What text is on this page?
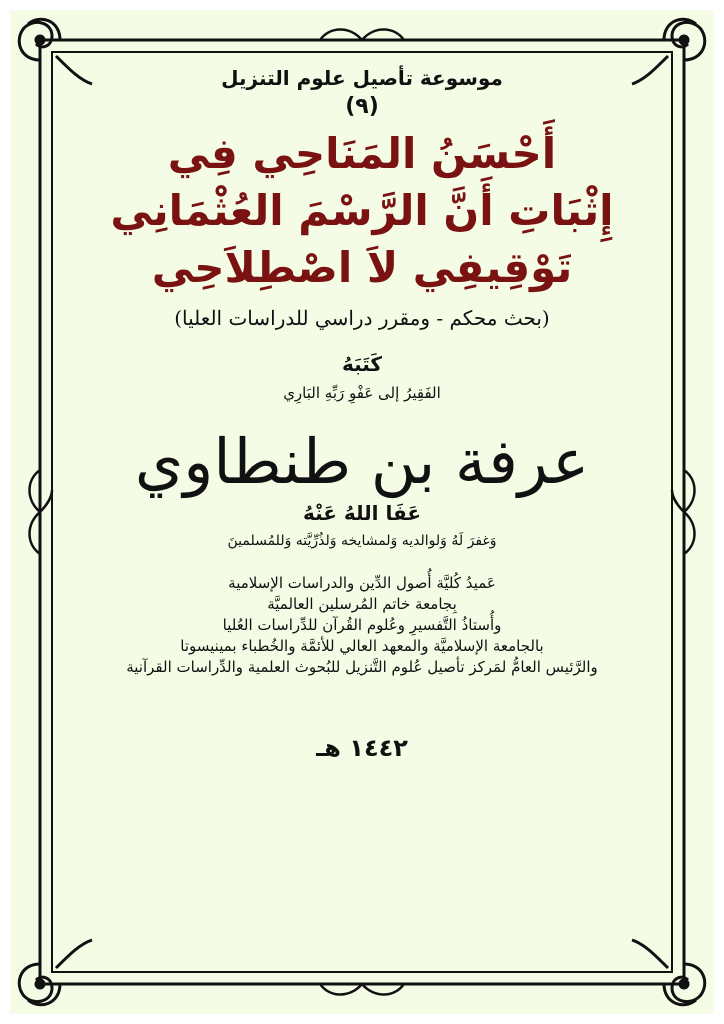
موسوعة تأصيل علوم التنزيل
(٩)
أَحْسَنُ المَنَاحِي فِي
إِثْبَاتِ أَنَّ الرَّسْمَ العُثْمَانِي
تَوْقِيفِي لاَ اصْطِلاَحِي
(بحث محكم - ومقرر دراسي للدراسات العليا)
كَتَبَهُ
الفَقِيرُ إلى عَفْوِ رَبِّهِ البَارِي
عرفة بن طنطاوي
عَفَا اللهُ عَنْهُ
وَغفرَ لَهُ وَلوالديه وَلمشايخه وَلذُرِّيَّته وَللمُسلمينَ
عَميدُ كُليَّة أُصول الدِّين والدراسات الإسلامية
بِجامعة خاتم المُرسلين العالميَّة
وأُستاذُ التَّفسيرِ وعُلوم القُرآن للدِّراسات العُليا
بالجامعة الإسلاميَّة والمعهد العالي للأئمَّة والخُطباء بمينيسوتا
والرَّئيس العامُّ لمَركز تأصيل عُلوم التَّنزيل للبُحوث العلمية والدِّراسات القرآنية
١٤٤٢ هـ
